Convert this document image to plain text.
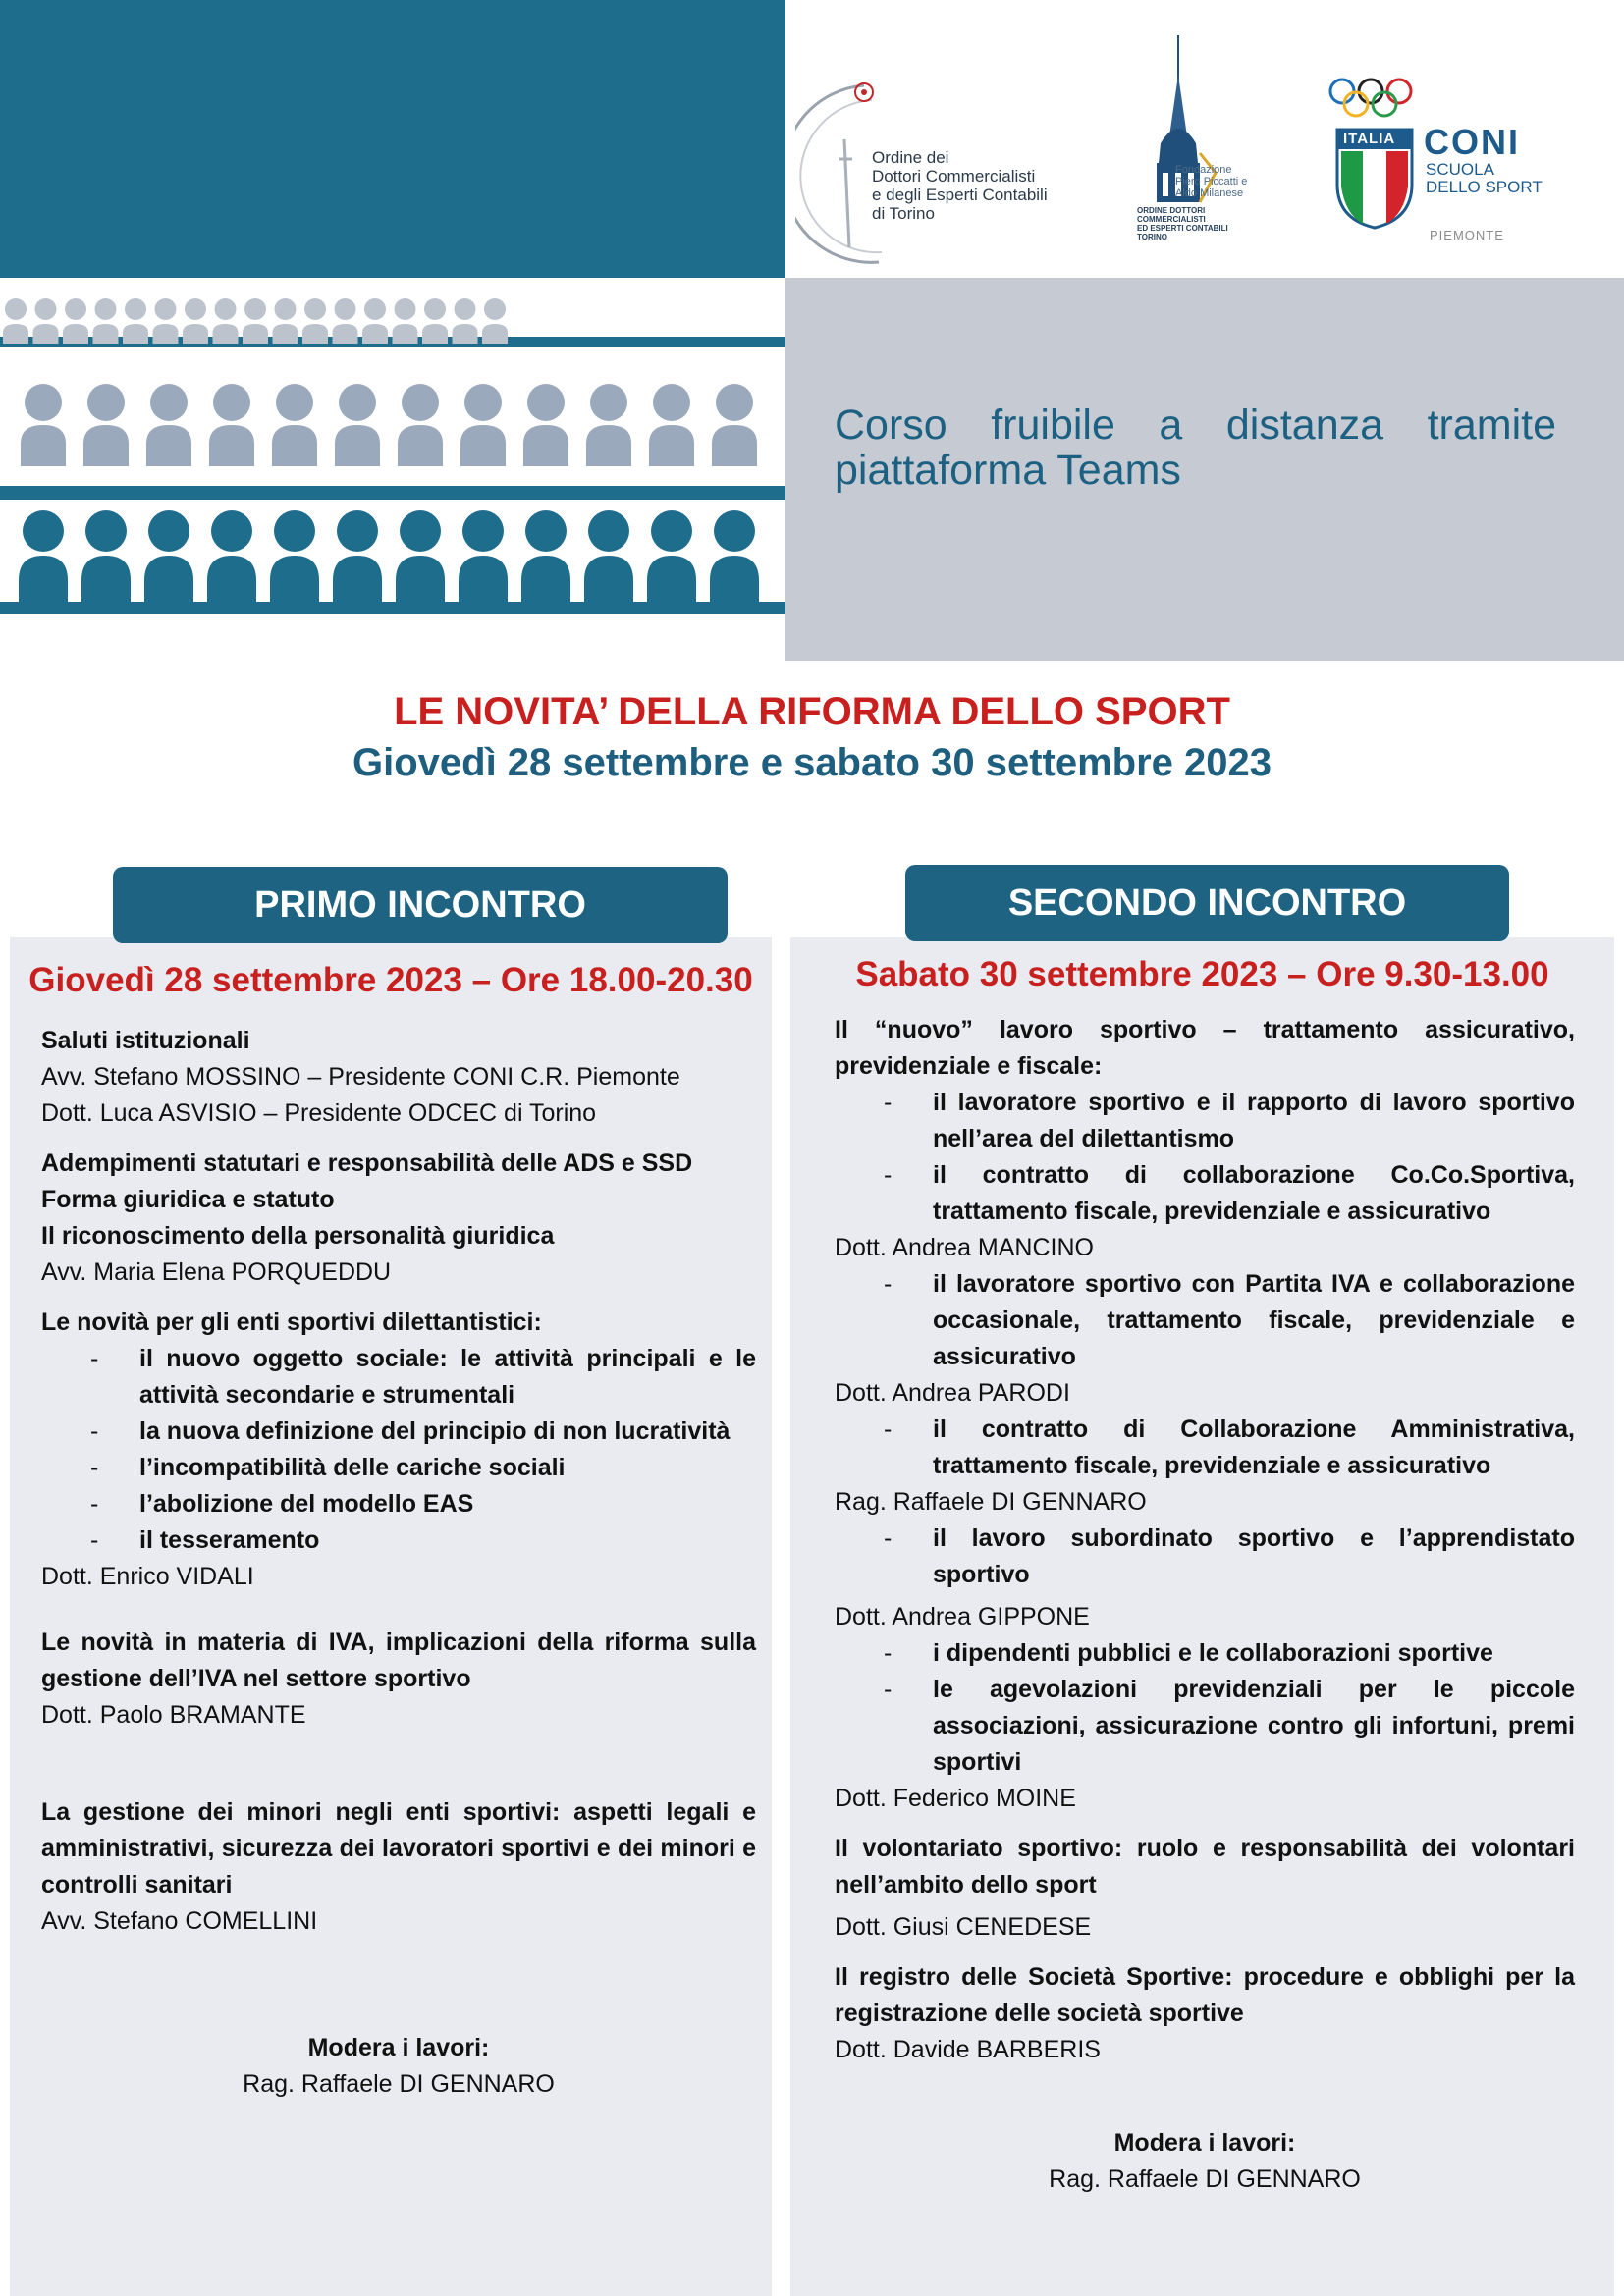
ITALIA
Ordine dei
Dottori Commercialisti
e degli Esperti Contabili
di Torino
Fondazione
Piero Piccatti e
Aldo Milanese
ORDINE DOTTORI
COMMERCIALISTI
ED ESPERTI CONTABILI
TORINO
CONI
SCUOLA
DELLO SPORT
PIEMONTE
Corso fruibile a distanza tramite piattaforma Teams
LE NOVITA’ DELLA RIFORMA DELLO SPORT
Giovedì 28 settembre e sabato 30 settembre 2023
PRIMO INCONTRO
Giovedì 28 settembre 2023 – Ore 18.00-20.30

Saluti istituzionali

Avv. Stefano MOSSINO – Presidente CONI C.R. Piemonte

Dott. Luca ASVISIO – Presidente ODCEC di Torino

Adempimenti statutari e responsabilità delle ADS e SSD

Forma giuridica e statuto

Il riconoscimento della personalità giuridica

Avv. Maria Elena PORQUEDDU

Le novità per gli enti sportivi dilettantistici:

- il nuovo oggetto sociale: le attività principali e le attività secondarie e strumentali
- la nuova definizione del principio di non lucratività
- l’incompatibilità delle cariche sociali
- l’abolizione del modello EAS
- il tesseramento

Dott. Enrico VIDALI

Le novità in materia di IVA, implicazioni della riforma sulla gestione dell’IVA nel settore sportivo

Dott. Paolo BRAMANTE

La gestione dei minori negli enti sportivi: aspetti legali e amministrativi, sicurezza dei lavoratori sportivi e dei minori e controlli sanitari

Avv. Stefano COMELLINI

Modera i lavori:

Rag. Raffaele DI GENNARO

SECONDO INCONTRO
Sabato 30 settembre 2023 – Ore 9.30-13.00

Il “nuovo” lavoro sportivo – trattamento assicurativo, previdenziale e fiscale:

- il lavoratore sportivo e il rapporto di lavoro sportivo nell’area del dilettantismo
- il contratto di collaborazione Co.Co.Sportiva, trattamento fiscale, previdenziale e assicurativo

Dott. Andrea MANCINO

- il lavoratore sportivo con Partita IVA e collaborazione occasionale, trattamento fiscale, previdenziale e assicurativo

Dott. Andrea PARODI

- il contratto di Collaborazione Amministrativa, trattamento fiscale, previdenziale e assicurativo

Rag. Raffaele DI GENNARO

- il lavoro subordinato sportivo e l’apprendistato sportivo

Dott. Andrea GIPPONE

- i dipendenti pubblici e le collaborazioni sportive
- le agevolazioni previdenziali per le piccole associazioni, assicurazione contro gli infortuni, premi sportivi

Dott. Federico MOINE

Il volontariato sportivo: ruolo e responsabilità dei volontari nell’ambito dello sport

Dott. Giusi CENEDESE

Il registro delle Società Sportive: procedure e obblighi per la registrazione delle società sportive

Dott. Davide BARBERIS

Modera i lavori:

Rag. Raffaele DI GENNARO
